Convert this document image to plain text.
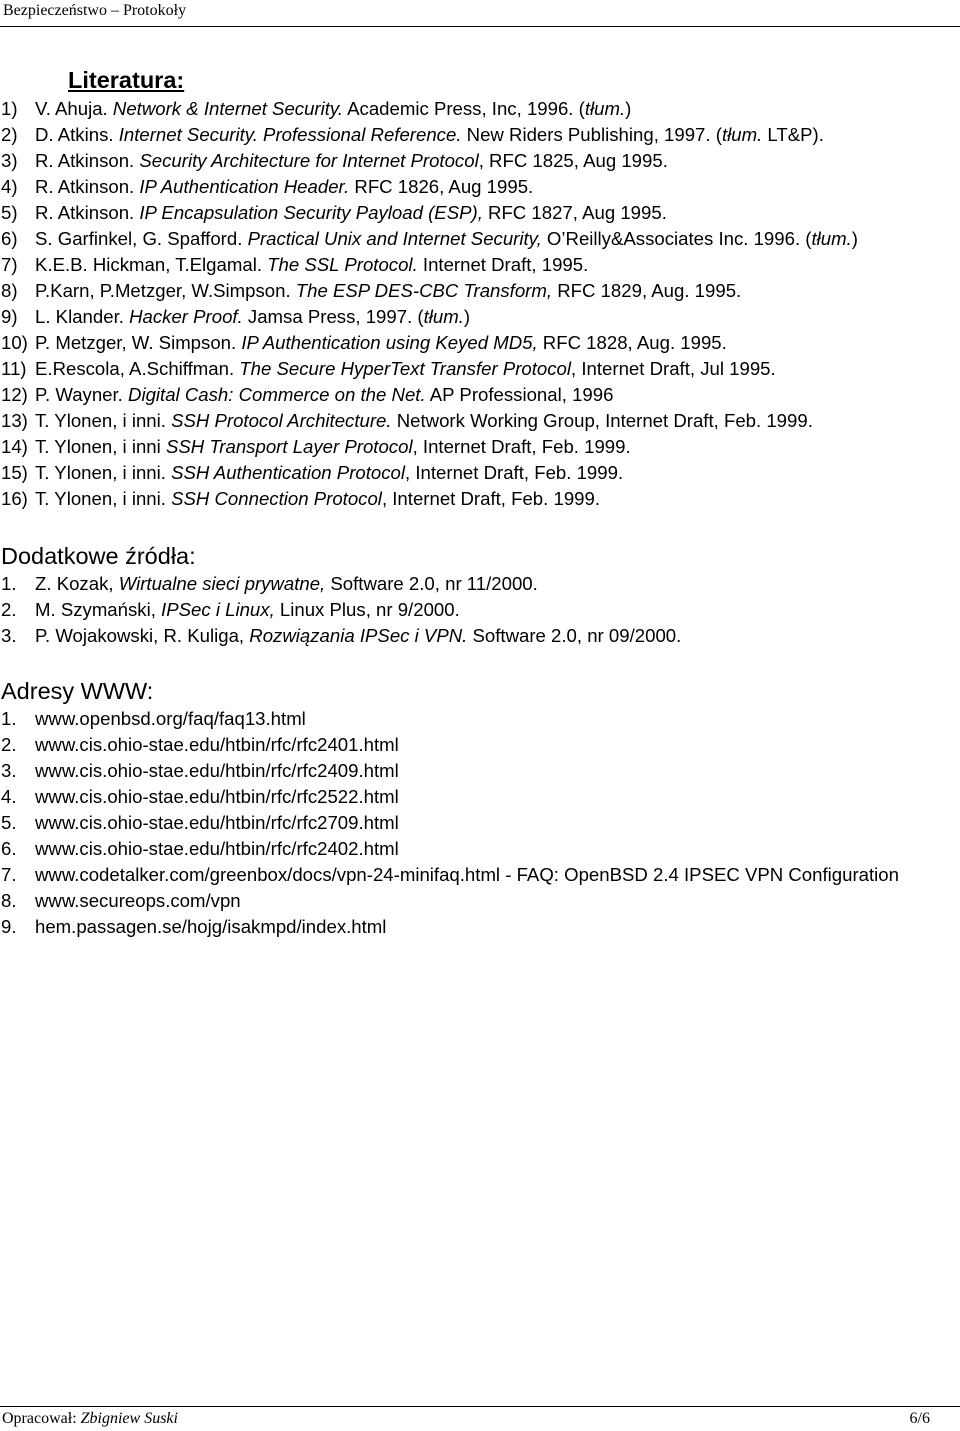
Bezpieczeństwo – Protokoły
Literatura:
1) V. Ahuja. Network & Internet Security. Academic Press, Inc, 1996. (tłum.)
2) D. Atkins. Internet Security. Professional Reference. New Riders Publishing, 1997. (tłum. LT&P).
3) R. Atkinson. Security Architecture for Internet Protocol, RFC 1825, Aug 1995.
4) R. Atkinson. IP Authentication Header. RFC 1826, Aug 1995.
5) R. Atkinson. IP Encapsulation Security Payload (ESP), RFC 1827, Aug 1995.
6) S. Garfinkel, G. Spafford. Practical Unix and Internet Security, O’Reilly&Associates Inc. 1996. (tłum.)
7) K.E.B. Hickman, T.Elgamal. The SSL Protocol. Internet Draft, 1995.
8) P.Karn, P.Metzger, W.Simpson. The ESP DES-CBC Transform, RFC 1829, Aug. 1995.
9) L. Klander. Hacker Proof. Jamsa Press, 1997. (tłum.)
10) P. Metzger, W. Simpson. IP Authentication using Keyed MD5, RFC 1828, Aug. 1995.
11) E.Rescola, A.Schiffman. The Secure HyperText Transfer Protocol, Internet Draft, Jul 1995.
12) P. Wayner. Digital Cash: Commerce on the Net. AP Professional, 1996
13) T. Ylonen, i inni. SSH Protocol Architecture. Network Working Group, Internet Draft, Feb. 1999.
14) T. Ylonen, i inni SSH Transport Layer Protocol, Internet Draft, Feb. 1999.
15) T. Ylonen, i inni. SSH Authentication Protocol, Internet Draft, Feb. 1999.
16) T. Ylonen, i inni. SSH Connection Protocol, Internet Draft, Feb. 1999.
Dodatkowe źródła:
1. Z. Kozak, Wirtualne sieci prywatne, Software 2.0, nr 11/2000.
2. M. Szymański, IPSec i Linux, Linux Plus, nr 9/2000.
3. P. Wojakowski, R. Kuliga, Rozwiązania IPSec i VPN. Software 2.0, nr 09/2000.
Adresy WWW:
1. www.openbsd.org/faq/faq13.html
2. www.cis.ohio-stae.edu/htbin/rfc/rfc2401.html
3. www.cis.ohio-stae.edu/htbin/rfc/rfc2409.html
4. www.cis.ohio-stae.edu/htbin/rfc/rfc2522.html
5. www.cis.ohio-stae.edu/htbin/rfc/rfc2709.html
6. www.cis.ohio-stae.edu/htbin/rfc/rfc2402.html
7. www.codetalker.com/greenbox/docs/vpn-24-minifaq.html - FAQ: OpenBSD 2.4 IPSEC VPN Configuration
8. www.secureops.com/vpn
9. hem.passagen.se/hojg/isakmpd/index.html
Opracował: Zbigniew Suski	6/6
